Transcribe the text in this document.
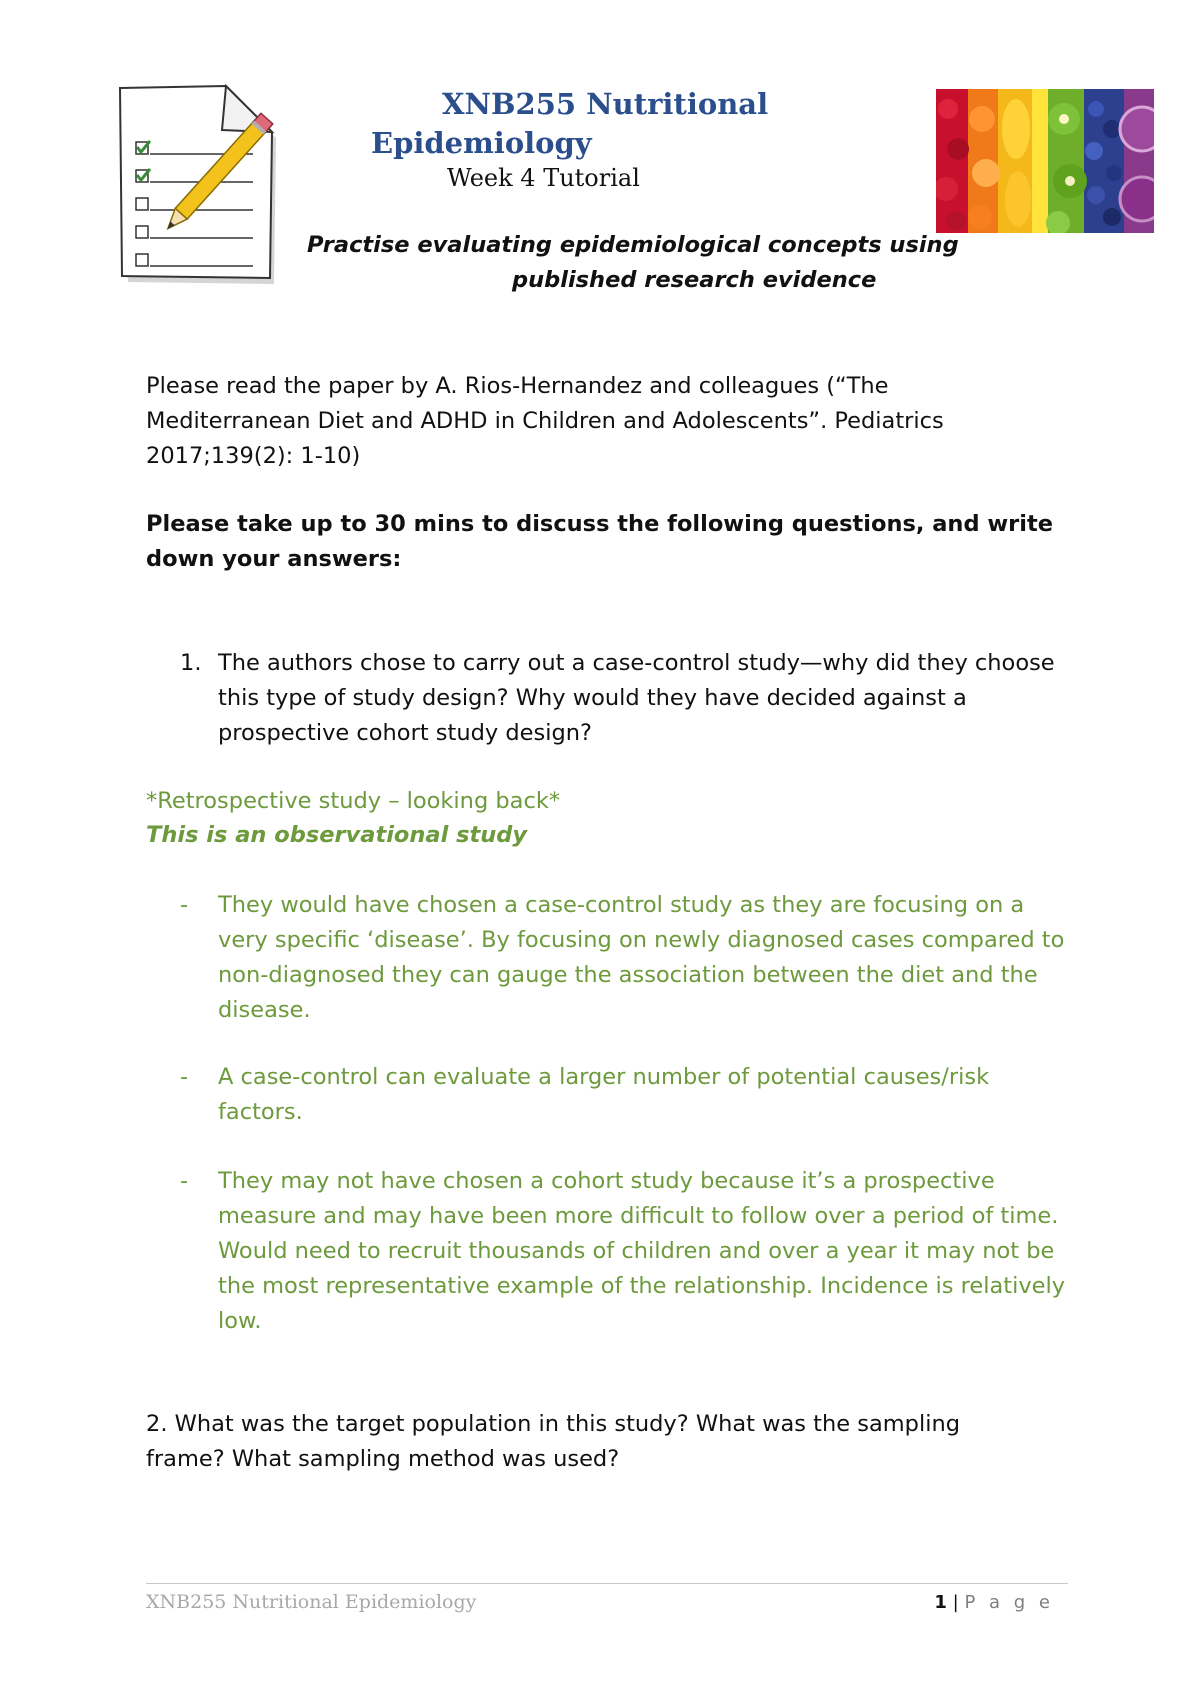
XNB255 Nutritional
Epidemiology
Week 4 Tutorial
Practise evaluating epidemiological concepts using
published research evidence
Please read the paper by A. Rios-Hernandez and colleagues (“The Mediterranean Diet and ADHD in Children and Adolescents”. Pediatrics 2017;139(2): 1-10)
Please take up to 30 mins to discuss the following questions, and write down your answers:
1. The authors chose to carry out a case-control study—why did they choose this type of study design? Why would they have decided against a prospective cohort study design?
*Retrospective study – looking back*
This is an observational study
- They would have chosen a case-control study as they are focusing on a very specific ‘disease’. By focusing on newly diagnosed cases compared to non-diagnosed they can gauge the association between the diet and the disease.
- A case-control can evaluate a larger number of potential causes/risk factors.
- They may not have chosen a cohort study because it’s a prospective measure and may have been more difficult to follow over a period of time. Would need to recruit thousands of children and over a year it may not be the most representative example of the relationship. Incidence is relatively low.
2. What was the target population in this study? What was the sampling frame? What sampling method was used?
XNB255 Nutritional Epidemiology	1 | P a g e
